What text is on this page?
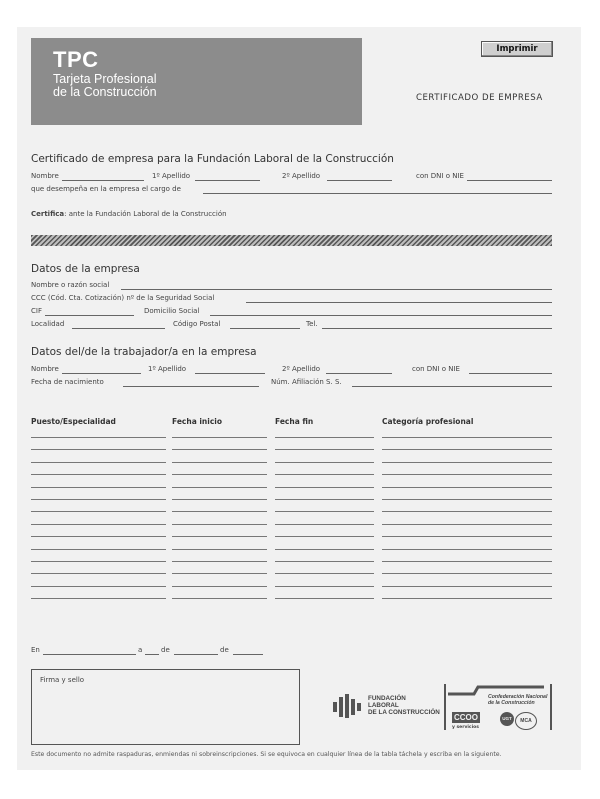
TPC
Tarjeta Profesional
de la Construcción
Imprimir
CERTIFICADO DE EMPRESA
Certificado de empresa para la Fundación Laboral de la Construcción
Nombre	1º Apellido	2º Apellido	con DNI o NIE
que desempeña en la empresa el cargo de
Certifica: ante la Fundación Laboral de la Construcción
Datos de la empresa
Nombre o razón social
CCC (Cód. Cta. Cotización) nº de la Seguridad Social
CIF	Domicilio Social
Localidad	Código Postal	Tel.
Datos del/de la trabajador/a en la empresa
Nombre	1º Apellido	2º Apellido	con DNI o NIE
Fecha de nacimiento	Núm. Afiliación S. S.
Puesto/Especialidad	Fecha inicio	Fecha fin	Categoría profesional
En	a	de	de
Firma y sello
FUNDACIÓN
LABORAL
DE LA CONSTRUCCIÓN
Confederación Nacional
de la Construcción
CCOO
y servicios
UGT	MCA
Este documento no admite raspaduras, enmiendas ni sobreinscripciones. Si se equivoca en cualquier línea de la tabla táchela y escriba en la siguiente.
